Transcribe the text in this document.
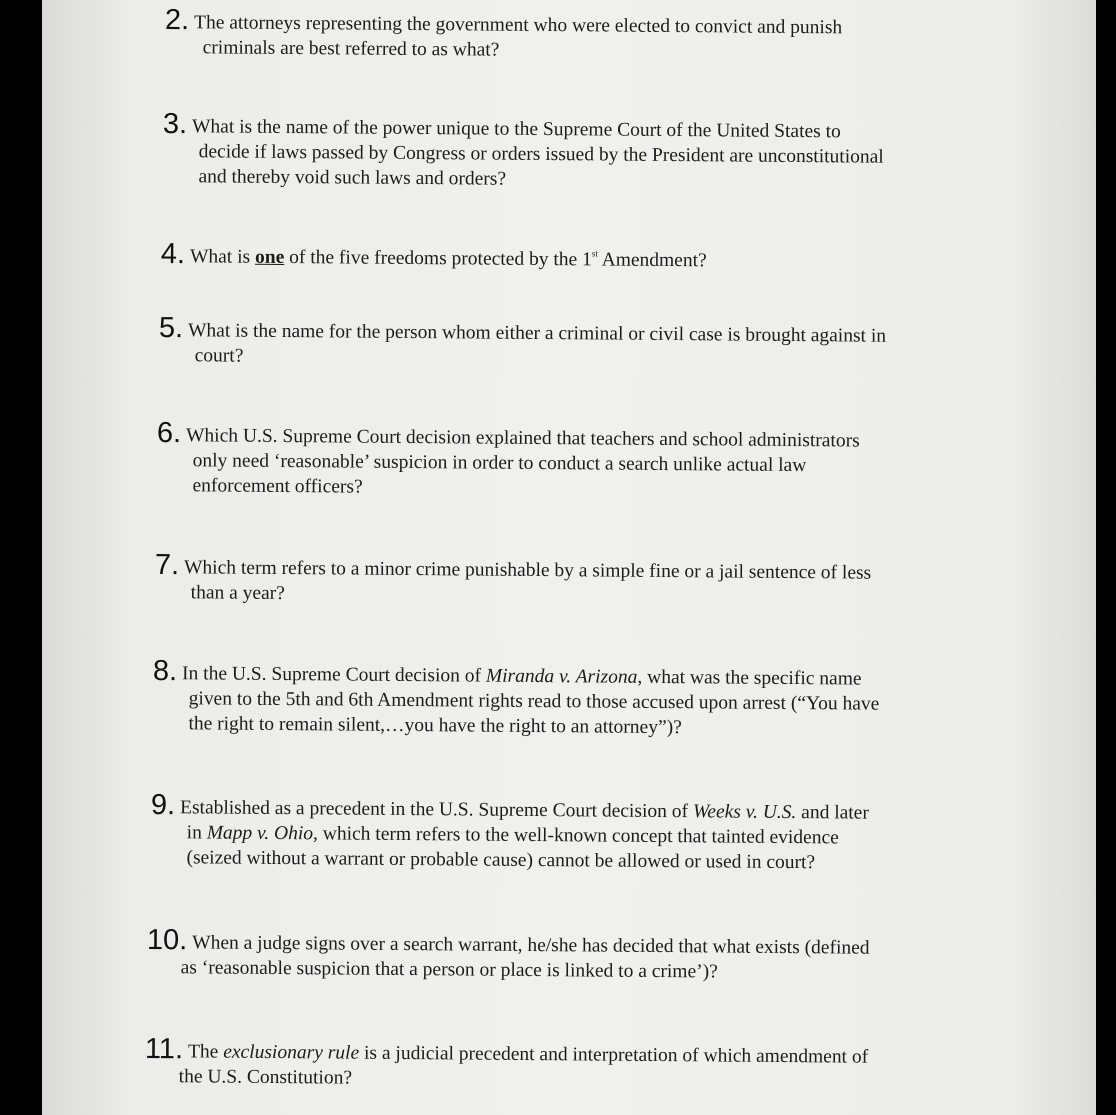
2. The attorneys representing the government who were elected to convict and punish
criminals are best referred to as what?
3. What is the name of the power unique to the Supreme Court of the United States to
decide if laws passed by Congress or orders issued by the President are unconstitutional
and thereby void such laws and orders?
4. What is one of the five freedoms protected by the 1st Amendment?
5. What is the name for the person whom either a criminal or civil case is brought against in
court?
6. Which U.S. Supreme Court decision explained that teachers and school administrators
only need ‘reasonable’ suspicion in order to conduct a search unlike actual law
enforcement officers?
7. Which term refers to a minor crime punishable by a simple fine or a jail sentence of less
than a year?
8. In the U.S. Supreme Court decision of Miranda v. Arizona, what was the specific name
given to the 5th and 6th Amendment rights read to those accused upon arrest (“You have
the right to remain silent,…you have the right to an attorney”)?
9. Established as a precedent in the U.S. Supreme Court decision of Weeks v. U.S. and later
in Mapp v. Ohio, which term refers to the well-known concept that tainted evidence
(seized without a warrant or probable cause) cannot be allowed or used in court?
10. When a judge signs over a search warrant, he/she has decided that what exists (defined
as ‘reasonable suspicion that a person or place is linked to a crime’)?
11. The exclusionary rule is a judicial precedent and interpretation of which amendment of
the U.S. Constitution?
